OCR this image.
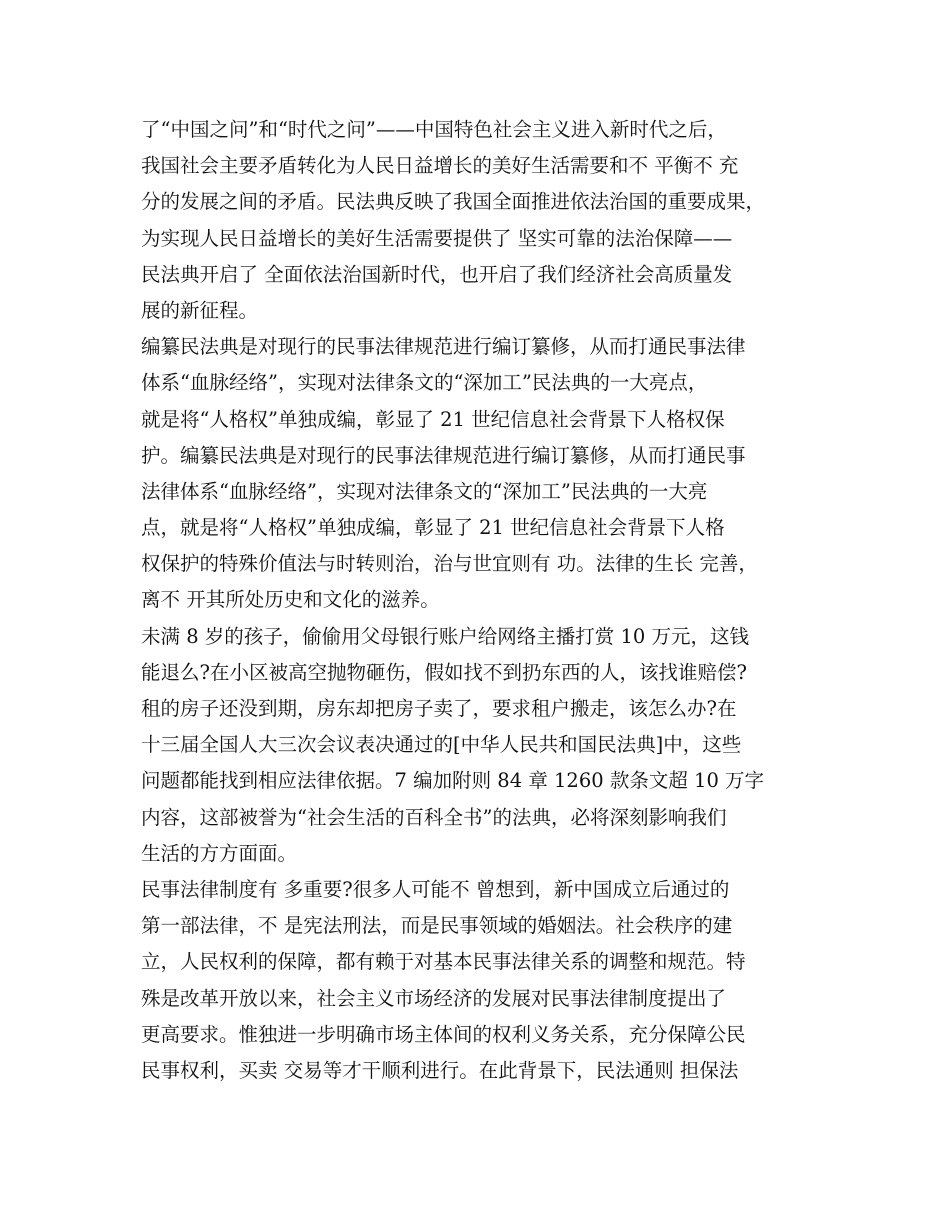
了“中国之问”和“时代之问”——中国特色社会主义进入新时代之后，
我国社会主要矛盾转化为人民日益增长的美好生活需要和不 平衡不 充
分的发展之间的矛盾。民法典反映了我国全面推进依法治国的重要成果，
为实现人民日益增长的美好生活需要提供了 坚实可靠的法治保障——
民法典开启了 全面依法治国新时代，也开启了我们经济社会高质量发
展的新征程。
编纂民法典是对现行的民事法律规范进行编订纂修，从而打通民事法律
体系“血脉经络”，实现对法律条文的“深加工”民法典的一大亮点，
就是将“人格权”单独成编，彰显了 21 世纪信息社会背景下人格权保
护。编纂民法典是对现行的民事法律规范进行编订纂修，从而打通民事
法律体系“血脉经络”，实现对法律条文的“深加工”民法典的一大亮
点，就是将“人格权”单独成编，彰显了 21 世纪信息社会背景下人格
权保护的特殊价值法与时转则治，治与世宜则有 功。法律的生长 完善，
离不 开其所处历史和文化的滋养。
未满 8 岁的孩子，偷偷用父母银行账户给网络主播打赏 10 万元，这钱
能退么?在小区被高空抛物砸伤，假如找不到扔东西的人，该找谁赔偿?
租的房子还没到期，房东却把房子卖了，要求租户搬走，该怎么办?在
十三届全国人大三次会议表决通过的[中华人民共和国民法典]中，这些
问题都能找到相应法律依据。7 编加附则 84 章 1260 款条文超 10 万字
内容，这部被誉为“社会生活的百科全书”的法典，必将深刻影响我们
生活的方方面面。
民事法律制度有 多重要?很多人可能不 曾想到，新中国成立后通过的
第一部法律，不 是宪法刑法，而是民事领域的婚姻法。社会秩序的建
立，人民权利的保障，都有赖于对基本民事法律关系的调整和规范。特
殊是改革开放以来，社会主义市场经济的发展对民事法律制度提出了
更高要求。惟独进一步明确市场主体间的权利义务关系，充分保障公民
民事权利，买卖 交易等才干顺利进行。在此背景下，民法通则 担保法
